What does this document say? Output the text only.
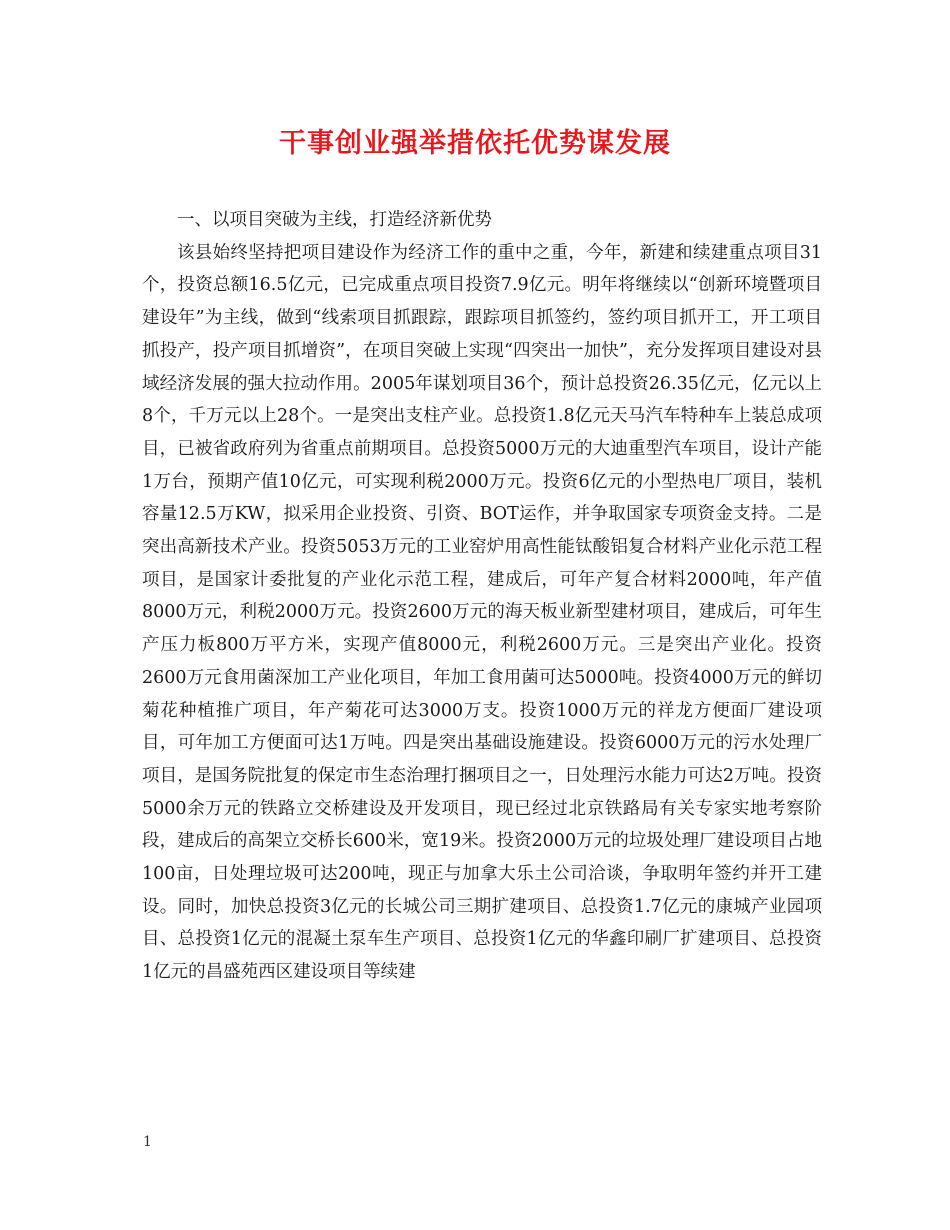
干事创业强举措依托优势谋发展

一、以项目突破为主线，打造经济新优势

该县始终坚持把项目建设作为经济工作的重中之重，今年，新建和续建重点项目31个，投资总额16.5亿元，已完成重点项目投资7.9亿元。明年将继续以“创新环境暨项目建设年”为主线，做到“线索项目抓跟踪，跟踪项目抓签约，签约项目抓开工，开工项目抓投产，投产项目抓增资”，在项目突破上实现“四突出一加快”，充分发挥项目建设对县域经济发展的强大拉动作用。2005年谋划项目36个，预计总投资26.35亿元，亿元以上8个，千万元以上28个。一是突出支柱产业。总投资1.8亿元天马汽车特种车上装总成项目，已被省政府列为省重点前期项目。总投资5000万元的大迪重型汽车项目，设计产能1万台，预期产值10亿元，可实现利税2000万元。投资6亿元的小型热电厂项目，装机容量12.5万KW，拟采用企业投资、引资、BOT运作，并争取国家专项资金支持。二是突出高新技术产业。投资5053万元的工业窑炉用高性能钛酸铝复合材料产业化示范工程项目，是国家计委批复的产业化示范工程，建成后，可年产复合材料2000吨，年产值8000万元，利税2000万元。投资2600万元的海天板业新型建材项目，建成后，可年生产压力板800万平方米，实现产值8000元，利税2600万元。三是突出产业化。投资2600万元食用菌深加工产业化项目，年加工食用菌可达5000吨。投资4000万元的鲜切菊花种植推广项目，年产菊花可达3000万支。投资1000万元的祥龙方便面厂建设项目，可年加工方便面可达1万吨。四是突出基础设施建设。投资6000万元的污水处理厂项目，是国务院批复的保定市生态治理打捆项目之一，日处理污水能力可达2万吨。投资5000余万元的铁路立交桥建设及开发项目，现已经过北京铁路局有关专家实地考察阶段，建成后的高架立交桥长600米，宽19米。投资2000万元的垃圾处理厂建设项目占地100亩，日处理垃圾可达200吨，现正与加拿大乐土公司洽谈，争取明年签约并开工建设。同时，加快总投资3亿元的长城公司三期扩建项目、总投资1.7亿元的康城产业园项目、总投资1亿元的混凝土泵车生产项目、总投资1亿元的华鑫印刷厂扩建项目、总投资1亿元的昌盛苑西区建设项目等续建

1
